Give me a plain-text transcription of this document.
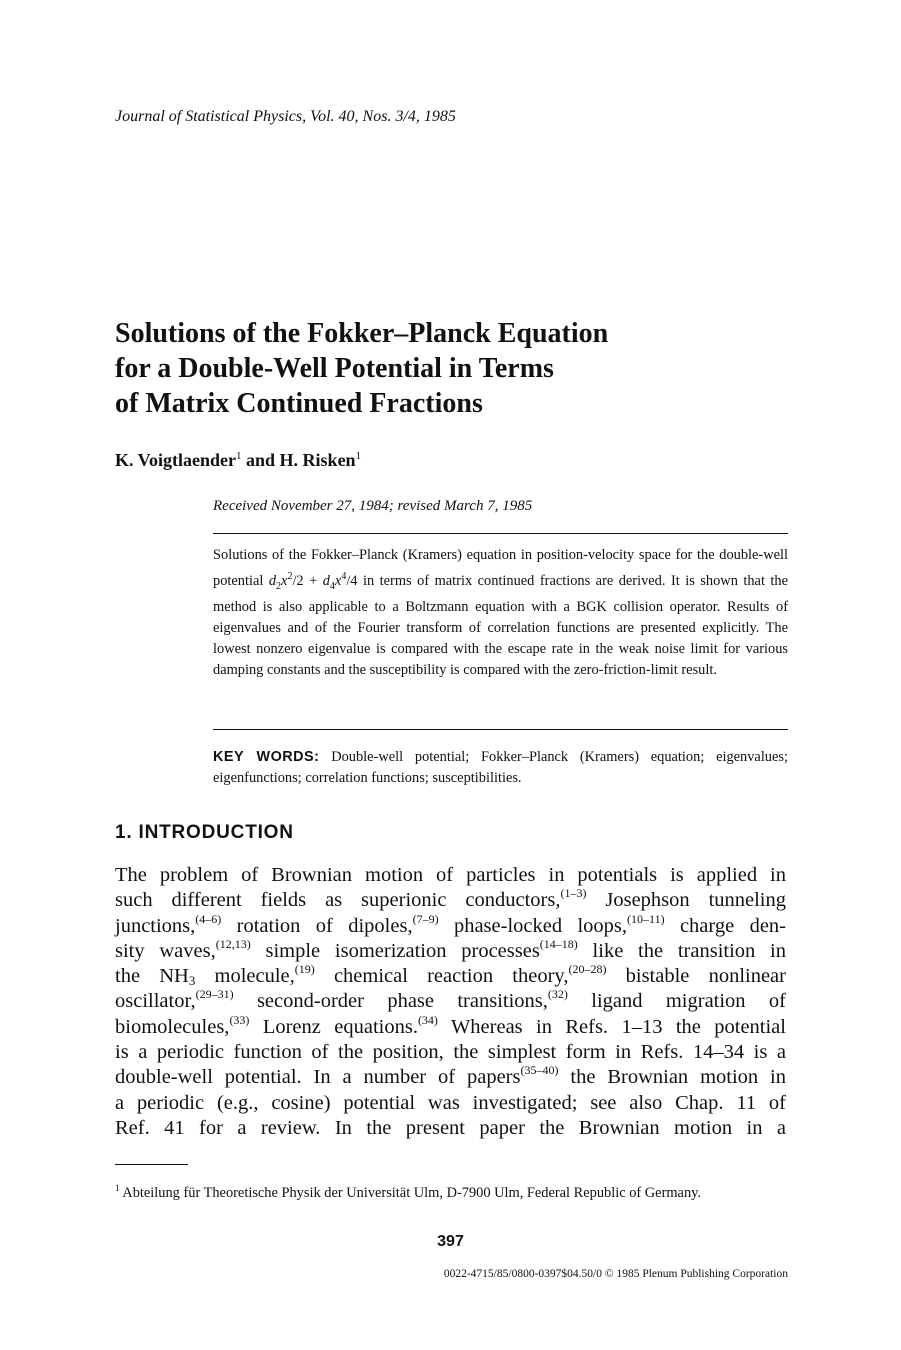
Journal of Statistical Physics, Vol. 40, Nos. 3/4, 1985
Solutions of the Fokker–Planck Equation
for a Double-Well Potential in Terms
of Matrix Continued Fractions
K. Voigtlaender$^1$ and H. Risken$^1$
Received November 27, 1984; revised March 7, 1985
Solutions of the Fokker–Planck (Kramers) equation in position-velocity space for the double-well potential $d_2x^2/2 + d_4x^4/4$ in terms of matrix continued fractions are derived. It is shown that the method is also applicable to a Boltzmann equation with a BGK collision operator. Results of eigenvalues and of the Fourier transform of correlation functions are presented explicitly. The lowest nonzero eigenvalue is compared with the escape rate in the weak noise limit for various damping constants and the susceptibility is compared with the zero-friction-limit result.
KEY WORDS: Double-well potential; Fokker–Planck (Kramers) equation; eigenvalues; eigenfunctions; correlation functions; susceptibilities.
1. INTRODUCTION
The problem of Brownian motion of particles in potentials is applied in
such different fields as superionic conductors,$^{(1-3)}$ Josephson tunneling
junctions,$^{(4-6)}$ rotation of dipoles,$^{(7-9)}$ phase-locked loops,$^{(10-11)}$ charge den-
sity waves,$^{(12,13)}$ simple isomerization processes$^{(14-18)}$ like the transition in
the $NH_3$ molecule,$^{(19)}$ chemical reaction theory,$^{(20-28)}$ bistable nonlinear
oscillator,$^{(29-31)}$ second-order phase transitions,$^{(32)}$ ligand migration of
biomolecules,$^{(33)}$ Lorenz equations.$^{(34)}$ Whereas in Refs. 1–13 the potential
is a periodic function of the position, the simplest form in Refs. 14–34 is a
double-well potential. In a number of papers$^{(35-40)}$ the Brownian motion in
a periodic (e.g., cosine) potential was investigated; see also Chap. 11 of
Ref. 41 for a review. In the present paper the Brownian motion in a
$^1$ Abteilung für Theoretische Physik der Universität Ulm, D-7900 Ulm, Federal Republic of Germany.
397
0022-4715/85/0800-0397$04.50/0 © 1985 Plenum Publishing Corporation
